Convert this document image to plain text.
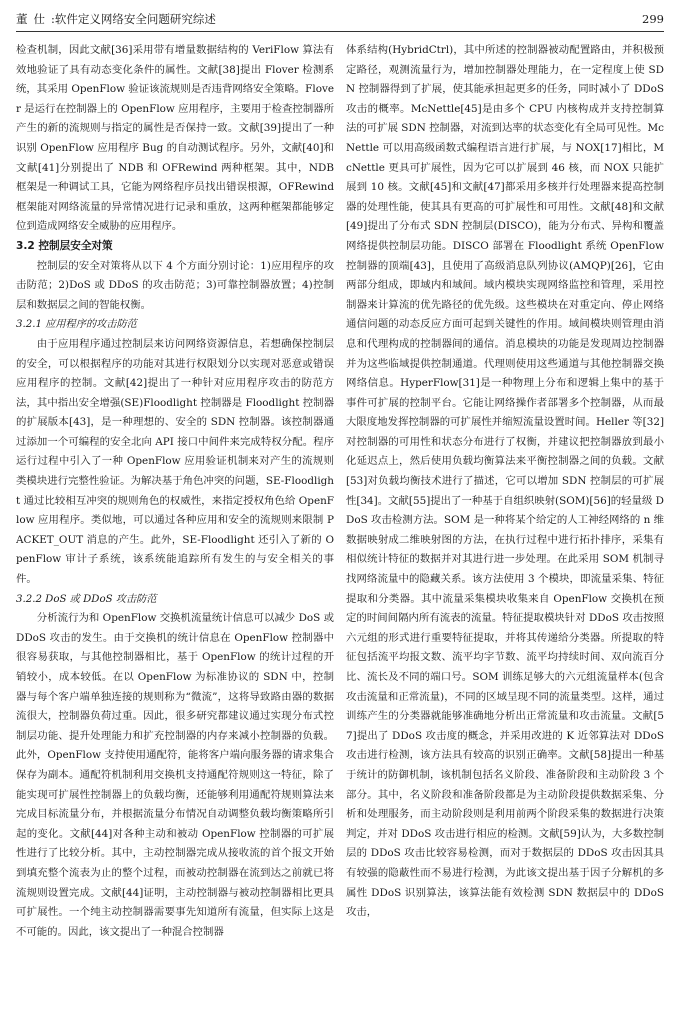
董仕:软件定义网络安全问题研究综述	299

检查机制，因此文献[36]采用带有增量数据结构的 VeriFlow 算法有效地验证了具有动态变化条件的属性。文献[38]提出 Flover 检测系统，其采用 OpenFlow 验证该流规则是否违背网络安全策略。Flover 是运行在控制器上的 OpenFlow 应用程序，主要用于检查控制器所产生的新的流规则与指定的属性是否保持一致。文献[39]提出了一种识别 OpenFlow 应用程序 Bug 的自动测试程序。另外，文献[40]和文献[41]分别提出了 NDB 和 OFRewind 两种框架。其中，NDB 框架是一种调试工具，它能为网络程序员找出错误根源，OFRewind 框架能对网络流量的异常情况进行记录和重放，这两种框架都能够定位到造成网络安全威胁的应用程序。

3.2 控制层安全对策

控制层的安全对策将从以下 4 个方面分别讨论：1)应用程序的攻击防范；2)DoS 或 DDoS 的攻击防范；3)可靠控制器放置；4)控制层和数据层之间的智能权衡。

3.2.1 应用程序的攻击防范

由于应用程序通过控制层来访问网络资源信息，若想确保控制层的安全，可以根据程序的功能对其进行权限划分以实现对恶意或错误应用程序的控制。文献[42]提出了一种针对应用程序攻击的防范方法，其中指出安全增强(SE)Floodlight 控制器是 Floodlight 控制器的扩展版本[43]，是一种理想的、安全的 SDN 控制器。该控制器通过添加一个可编程的安全北向 API 接口中间件来完成特权分配。程序运行过程中引入了一种 OpenFlow 应用验证机制来对产生的流规则类模块进行完整性验证。为解决基于角色冲突的问题，SE-Floodlight 通过比较相互冲突的规则角色的权威性，来指定授权角色给 OpenFlow 应用程序。类似地，可以通过各种应用和安全的流规则来限制 PACKET_OUT 消息的产生。此外，SE-Floodlight 还引入了新的 OpenFlow 审计子系统，该系统能追踪所有发生的与安全相关的事件。

3.2.2 DoS 或 DDoS 攻击防范

分析流行为和 OpenFlow 交换机流量统计信息可以减少 DoS 或 DDoS 攻击的发生。由于交换机的统计信息在 OpenFlow 控制器中很容易获取，与其他控制器相比，基于 OpenFlow 的统计过程的开销较小，成本较低。在以 OpenFlow 为标准协议的 SDN 中，控制器与每个客户端单独连接的规则称为“微流”，这将导致路由器的数据流很大，控制器负荷过重。因此，很多研究都建议通过实现分布式控制层功能、提升处理能力和扩充控制器的内存来减小控制器的负载。此外，OpenFlow 支持使用通配符，能将客户端向服务器的请求集合保存为副本。通配符机制利用交换机支持通配符规则这一特征，除了能实现可扩展性控制器上的负载均衡，还能够利用通配符规则算法来完成目标流量分布，并根据流量分布情况自动调整负载均衡策略所引起的变化。文献[44]对各种主动和被动 OpenFlow 控制器的可扩展性进行了比较分析。其中，主动控制器完成从接收流的首个报文开始到填充整个流表为止的整个过程，而被动控制器在流到达之前就已将流规则设置完成。文献[44]证明，主动控制器与被动控制器相比更具可扩展性。一个纯主动控制器需要事先知道所有流量，但实际上这是不可能的。因此，该文提出了一种混合控制器

体系结构(HybridCtrl)，其中所述的控制器被动配置路由，并积极预定路径，观测流量行为，增加控制器处理能力，在一定程度上使 SDN 控制器得到了扩展，使其能承担起更多的任务，同时减小了 DDoS 攻击的概率。McNettle[45]是由多个 CPU 内核构成并支持控制算法的可扩展 SDN 控制器，对流到达率的状态变化有全局可见性。McNettle 可以用高级函数式编程语言进行扩展，与 NOX[17]相比，McNettle 更具可扩展性，因为它可以扩展到 46 核，而 NOX 只能扩展到 10 核。文献[45]和文献[47]都采用多核并行处理器来提高控制器的处理性能，使其具有更高的可扩展性和可用性。文献[48]和文献[49]提出了分布式 SDN 控制层(DISCO)，能为分布式、异构和覆盖网络提供控制层功能。DISCO 部署在 Floodlight 系统 OpenFlow 控制器的顶端[43]，且使用了高级消息队列协议(AMQP)[26]，它由两部分组成，即域内和域间。域内模块实现网络监控和管理，采用控制器来计算流的优先路径的优先级。这些模块在对重定向、停止网络通信问题的动态反应方面可起到关键性的作用。域间模块则管理由消息和代理构成的控制器间的通信。消息模块的功能是发现周边控制器并为这些临域提供控制通道。代理则使用这些通道与其他控制器交换网络信息。HyperFlow[31]是一种物理上分布和逻辑上集中的基于事件可扩展的控制平台。它能让网络操作者部署多个控制器，从而最大限度地发挥控制器的可扩展性并缩短流量设置时间。Heller 等[32]对控制器的可用性和状态分布进行了权衡，并建议把控制器放到最小化延迟点上，然后使用负载均衡算法来平衡控制器之间的负载。文献[53]对负载均衡技术进行了描述，它可以增加 SDN 控制层的可扩展性[34]。文献[55]提出了一种基于自组织映射(SOM)[56]的轻量级 DDoS 攻击检测方法。SOM 是一种将某个给定的人工神经网络的 n 维数据映射成二维映射图的方法，在执行过程中进行拓扑排序，采集有相似统计特征的数据并对其进行进一步处理。在此采用 SOM 机制寻找网络流量中的隐藏关系。该方法使用 3 个模块，即流量采集、特征提取和分类器。其中流量采集模块收集来自 OpenFlow 交换机在预定的时间间隔内所有流表的流量。特征提取模块针对 DDoS 攻击按照六元组的形式进行重要特征提取，并将其传递给分类器。所提取的特征包括流平均报文数、流平均字节数、流平均持续时间、双向流百分比、流长及不同的端口号。SOM 训练足够大的六元组流量样本(包含攻击流量和正常流量)，不同的区域呈现不同的流量类型。这样，通过训练产生的分类器就能够准确地分析出正常流量和攻击流量。文献[57]提出了 DDoS 攻击度的概念，并采用改进的 K 近邻算法对 DDoS 攻击进行检测，该方法具有较高的识别正确率。文献[58]提出一种基于统计的防御机制，该机制包括名义阶段、准备阶段和主动阶段 3 个部分。其中，名义阶段和准备阶段都是为主动阶段提供数据采集、分析和处理服务，而主动阶段则是利用前两个阶段采集的数据进行决策判定，并对 DDoS 攻击进行相应的检测。文献[59]认为，大多数控制层的 DDoS 攻击比较容易检测，而对于数据层的 DDoS 攻击因其具有较强的隐蔽性而不易进行检测，为此该文提出基于因子分解机的多属性 DDoS 识别算法，该算法能有效检测 SDN 数据层中的 DDoS 攻击，
